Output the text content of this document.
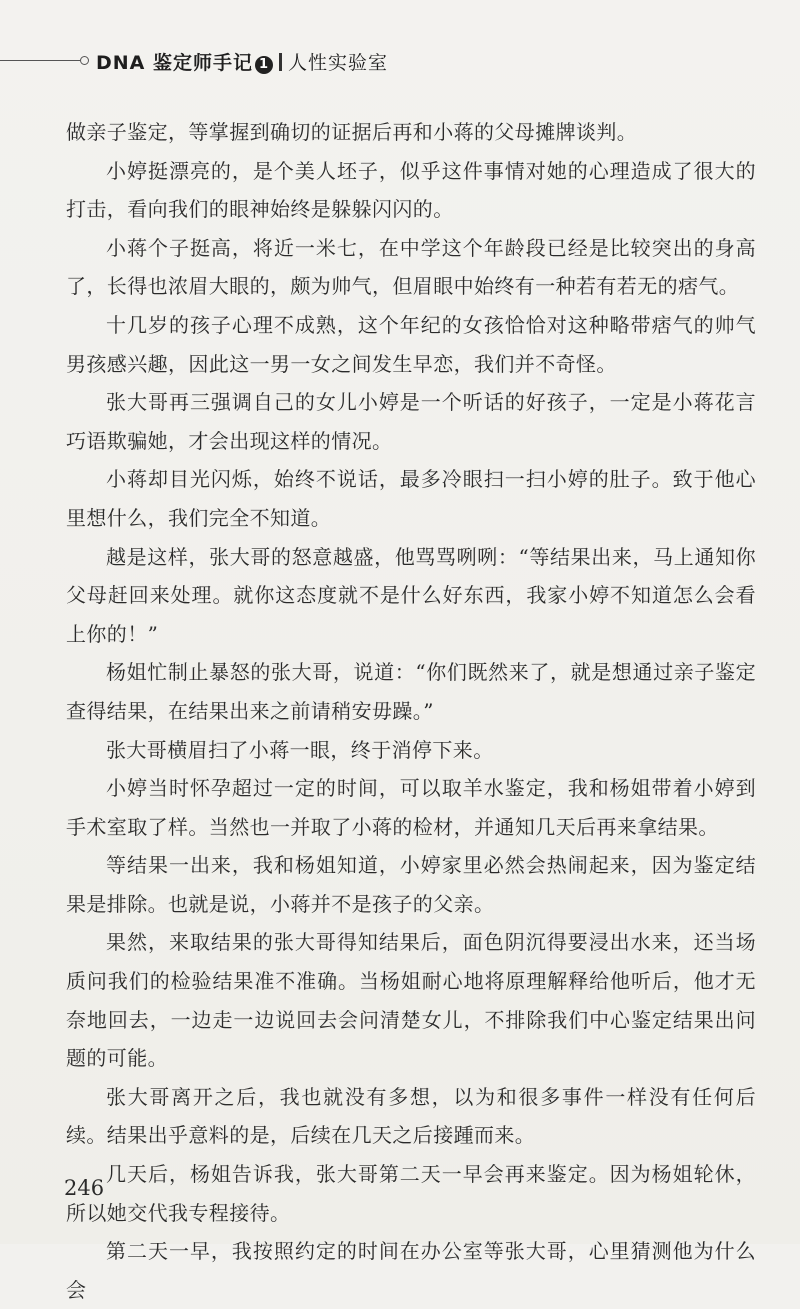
DNA 鉴定师手记 1 人性实验室

做亲子鉴定，等掌握到确切的证据后再和小蒋的父母摊牌谈判。

小婷挺漂亮的，是个美人坯子，似乎这件事情对她的心理造成了很大的打击，看向我们的眼神始终是躲躲闪闪的。

小蒋个子挺高，将近一米七，在中学这个年龄段已经是比较突出的身高了，长得也浓眉大眼的，颇为帅气，但眉眼中始终有一种若有若无的痞气。

十几岁的孩子心理不成熟，这个年纪的女孩恰恰对这种略带痞气的帅气男孩感兴趣，因此这一男一女之间发生早恋，我们并不奇怪。

张大哥再三强调自己的女儿小婷是一个听话的好孩子，一定是小蒋花言巧语欺骗她，才会出现这样的情况。

小蒋却目光闪烁，始终不说话，最多冷眼扫一扫小婷的肚子。致于他心里想什么，我们完全不知道。

越是这样，张大哥的怒意越盛，他骂骂咧咧：“等结果出来，马上通知你父母赶回来处理。就你这态度就不是什么好东西，我家小婷不知道怎么会看上你的！”

杨姐忙制止暴怒的张大哥，说道：“你们既然来了，就是想通过亲子鉴定查得结果，在结果出来之前请稍安毋躁。”

张大哥横眉扫了小蒋一眼，终于消停下来。

小婷当时怀孕超过一定的时间，可以取羊水鉴定，我和杨姐带着小婷到手术室取了样。当然也一并取了小蒋的检材，并通知几天后再来拿结果。

等结果一出来，我和杨姐知道，小婷家里必然会热闹起来，因为鉴定结果是排除。也就是说，小蒋并不是孩子的父亲。

果然，来取结果的张大哥得知结果后，面色阴沉得要浸出水来，还当场质问我们的检验结果准不准确。当杨姐耐心地将原理解释给他听后，他才无奈地回去，一边走一边说回去会问清楚女儿，不排除我们中心鉴定结果出问题的可能。

张大哥离开之后，我也就没有多想，以为和很多事件一样没有任何后续。结果出乎意料的是，后续在几天之后接踵而来。

几天后，杨姐告诉我，张大哥第二天一早会再来鉴定。因为杨姐轮休，所以她交代我专程接待。

第二天一早，我按照约定的时间在办公室等张大哥，心里猜测他为什么会

246
